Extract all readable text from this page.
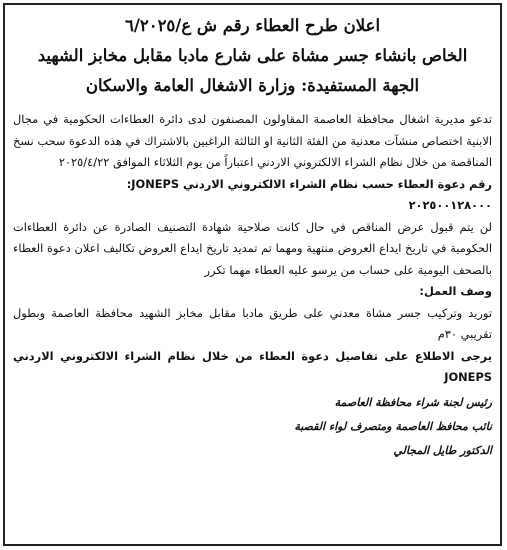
اعلان طرح العطاء رقم ش ع/٦/٢٠٢٥

الخاص بانشاء جسر مشاة على شارع مادبا مقابل مخابز الشهيد

الجهة المستفيدة: وزارة الاشغال العامة والاسكان

تدعو مديرية اشغال محافظة العاصمة المقاولون المصنفون لدى دائرة العطاءات الحكومية في مجال الابنية اختصاص منشآت معدنية من الفئة الثانية او الثالثة الراغبين بالاشتراك في هذه الدعوة سحب نسخ المناقصة من خلال نظام الشراء الالكتروني الاردني اعتباراً من يوم الثلاثاء الموافق ٢٠٢٥/٤/٢٢

رقم دعوة العطاء حسب نظام الشراء الالكتروني الاردني JONEPS:

٢٠٢٥٠٠١٢٨٠٠٠

لن يتم قبول عرض المناقص في حال كانت صلاحية شهادة التصنيف الصادرة عن دائرة العطاءات الحكومية في تاريخ ايداع العروض منتهية ومهما تم تمديد تاريخ ايداع العروض تكاليف اعلان دعوة العطاء بالصحف اليومية على حساب من يرسو عليه العطاء مهما تكرر

وصف العمل:

توريد وتركيب جسر مشاة معدني على طريق مادبا مقابل مخابز الشهيد محافظة العاصمة وبطول تقريبي ٣٠م

يرجى الاطلاع على تفاصيل دعوة العطاء من خلال نظام الشراء الالكتروني الاردني JONEPS

رئيس لجنة شراء محافظة العاصمة

نائب محافظ العاصمة ومتصرف لواء القصبة

الدكتور طايل المجالي
